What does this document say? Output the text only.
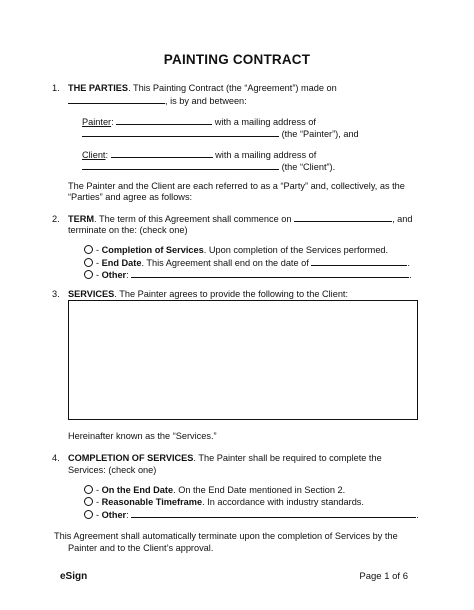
PAINTING CONTRACT
1. THE PARTIES. This Painting Contract (the “Agreement”) made on
, is by and between:
Painter:	with a mailing address of
(the “Painter”), and
Client:	with a mailing address of
(the “Client”).
The Painter and the Client are each referred to as a “Party” and, collectively, as the
“Parties” and agree as follows:
2. TERM. The term of this Agreement shall commence on	, and
terminate on the: (check one)
- Completion of Services. Upon completion of the Services performed.
- End Date. This Agreement shall end on the date of	.
- Other:	.
3. SERVICES. The Painter agrees to provide the following to the Client:
Hereinafter known as the “Services.”
4. COMPLETION OF SERVICES. The Painter shall be required to complete the
Services: (check one)
- On the End Date. On the End Date mentioned in Section 2.
- Reasonable Timeframe. In accordance with industry standards.
- Other:	.
This Agreement shall automatically terminate upon the completion of Services by the
Painter and to the Client’s approval.
eSign	Page 1 of 6
